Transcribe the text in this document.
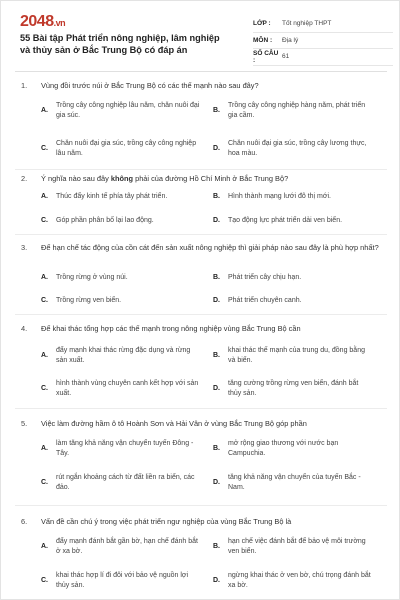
2048.vn
55 Bài tập Phát triển nông nghiệp, lâm nghiệp và thủy sản ở Bắc Trung Bộ có đáp án
LỚP :	Tốt nghiệp THPT
MÔN :	Địa lý
SỐ CÂU :	61
1.	Vùng đồi trước núi ở Bắc Trung Bộ có các thế mạnh nào sau đây?
A.
Trồng cây công nghiệp lâu năm, chăn nuôi đại gia súc.
B.
Trồng cây công nghiệp hàng năm, phát triển gia cầm.
C.
Chăn nuôi đại gia súc, trồng cây công nghiệp lâu năm.
D.
Chăn nuôi đại gia súc, trồng cây lương thực, hoa màu.
2.	Ý nghĩa nào sau đây không phải của đường Hồ Chí Minh ở Bắc Trung Bộ?
A.	Thúc đẩy kinh tế phía tây phát triển.	B.	Hình thành mạng lưới đô thị mới.
C.	Góp phần phân bố lại lao động.	D.	Tạo động lực phát triển dải ven biển.
3.	Để hạn chế tác động của cồn cát đến sản xuất nông nghiệp thì giải pháp nào sau đây là phù hợp nhất?
A.	Trồng rừng ở vùng núi.	B.	Phát triển cây chịu hạn.
C.	Trồng rừng ven biển.	D.	Phát triển chuyên canh.
4.	Để khai thác tổng hợp các thế mạnh trong nông nghiệp vùng Bắc Trung Bộ cần
A.
đẩy mạnh khai thác rừng đặc dụng và rừng sản xuất.
B.
khai thác thế mạnh của trung du, đồng bằng và biển.
C.
hình thành vùng chuyên canh kết hợp với sản xuất.
D.
tăng cường trồng rừng ven biển, đánh bắt thủy sản.
5.	Việc làm đường hầm ô tô Hoành Sơn và Hải Vân ở vùng Bắc Trung Bộ góp phần
A.
làm tăng khả năng vận chuyển tuyến Đông - Tây.
B.
mở rộng giao thương với nước bạn Campuchia.
C.
rút ngắn khoảng cách từ đất liền ra biển, các đảo.
D.
tăng khả năng vận chuyển của tuyến Bắc - Nam.
6.	Vấn đề cần chú ý trong việc phát triển ngư nghiệp của vùng Bắc Trung Bộ là
A.
đẩy mạnh đánh bắt gần bờ, hạn chế đánh bắt ở xa bờ.
B.
hạn chế việc đánh bắt để bảo vệ môi trường ven biển.
C.
khai thác hợp lí đi đôi với bảo vệ nguồn lợi thủy sản.
D.
ngừng khai thác ở ven bờ, chú trọng đánh bắt xa bờ.
